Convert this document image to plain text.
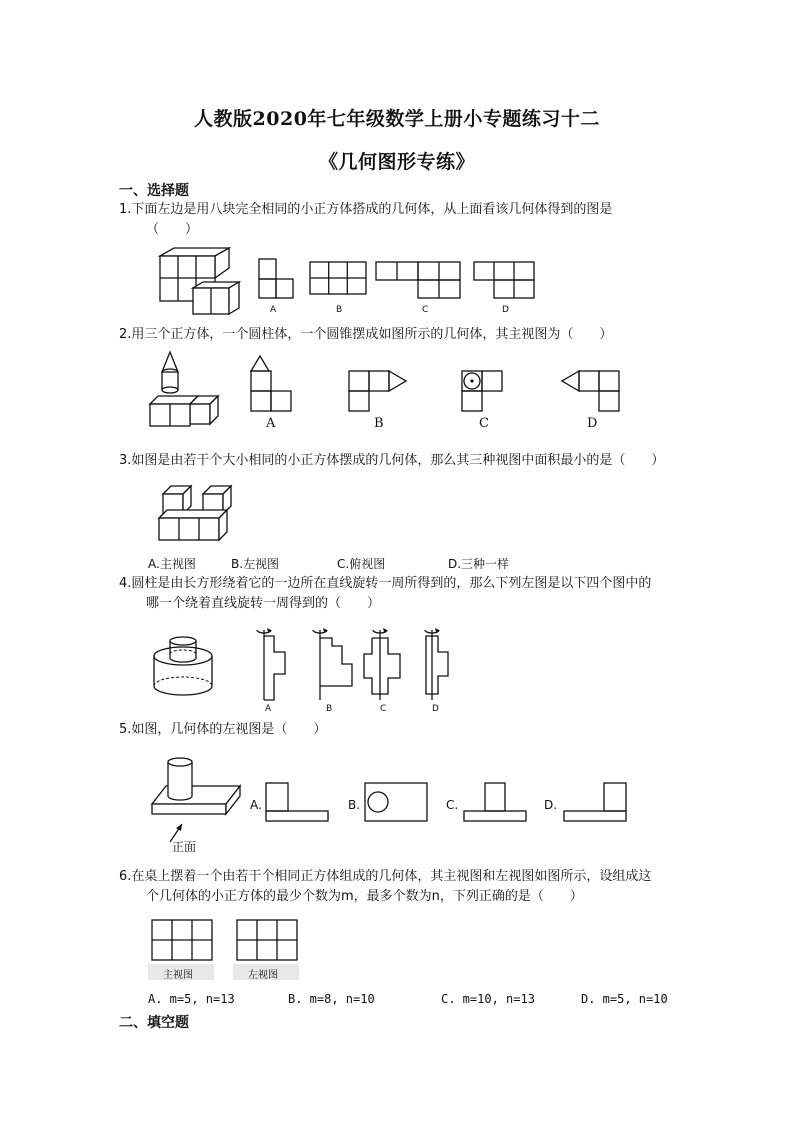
人教版2020年七年级数学上册小专题练习十二
《几何图形专练》
一、选择题
1.下面左边是用八块完全相同的小正方体搭成的几何体，从上面看该几何体得到的图是
（　　）
A	B	C	D
2.用三个正方体，一个圆柱体，一个圆锥摆成如图所示的几何体，其主视图为（　　）
A	B	C	D
3.如图是由若干个大小相同的小正方体摆成的几何体，那么其三种视图中面积最小的是（　　）
A.主视图	B.左视图	C.俯视图	D.三种一样
4.圆柱是由长方形绕着它的一边所在直线旋转一周所得到的，那么下列左图是以下四个图中的
哪一个绕着直线旋转一周得到的（　　）
A	B	C	D
5.如图，几何体的左视图是（　　）
正面
A.	B.	C.	D.
6.在桌上摆着一个由若干个相同正方体组成的几何体，其主视图和左视图如图所示，设组成这
个几何体的小正方体的最少个数为m，最多个数为n，下列正确的是（　　）
主视图	左视图
A. m=5, n=13	B. m=8, n=10	C. m=10, n=13	D. m=5, n=10
二、填空题
